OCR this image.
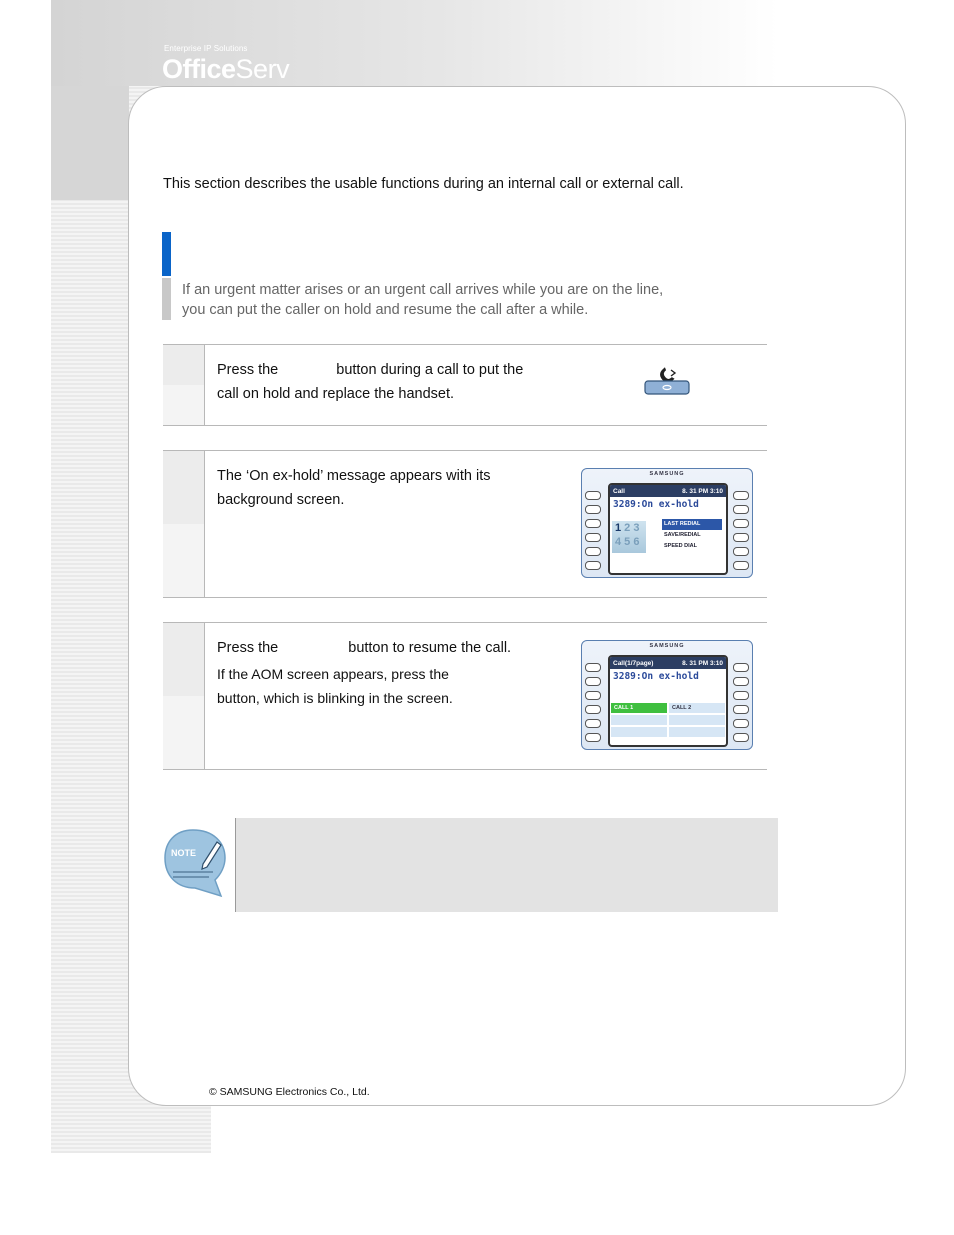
Enterprise IP Solutions
OfficeServ
This section describes the usable functions during an internal call or external call.
If an urgent matter arises or an urgent call arrives while you are on the line,
you can put the caller on hold and resume the call after a while.
Press the	button during a call to put the
call on hold and replace the handset.
The ‘On ex-hold’ message appears with its
background screen.
SAMSUNG
Call	8. 31 PM 3:10
3289:On ex-hold
1 2 3
4 5 6
LAST REDIAL
SAVE/REDIAL
SPEED DIAL
Press the	button to resume the call.
If the AOM screen appears, press the
button, which is blinking in the screen.
SAMSUNG
Call(1/7page)	8. 31 PM 3:10
3289:On ex-hold
CALL 1	CALL 2
NOTE
© SAMSUNG Electronics Co., Ltd.
